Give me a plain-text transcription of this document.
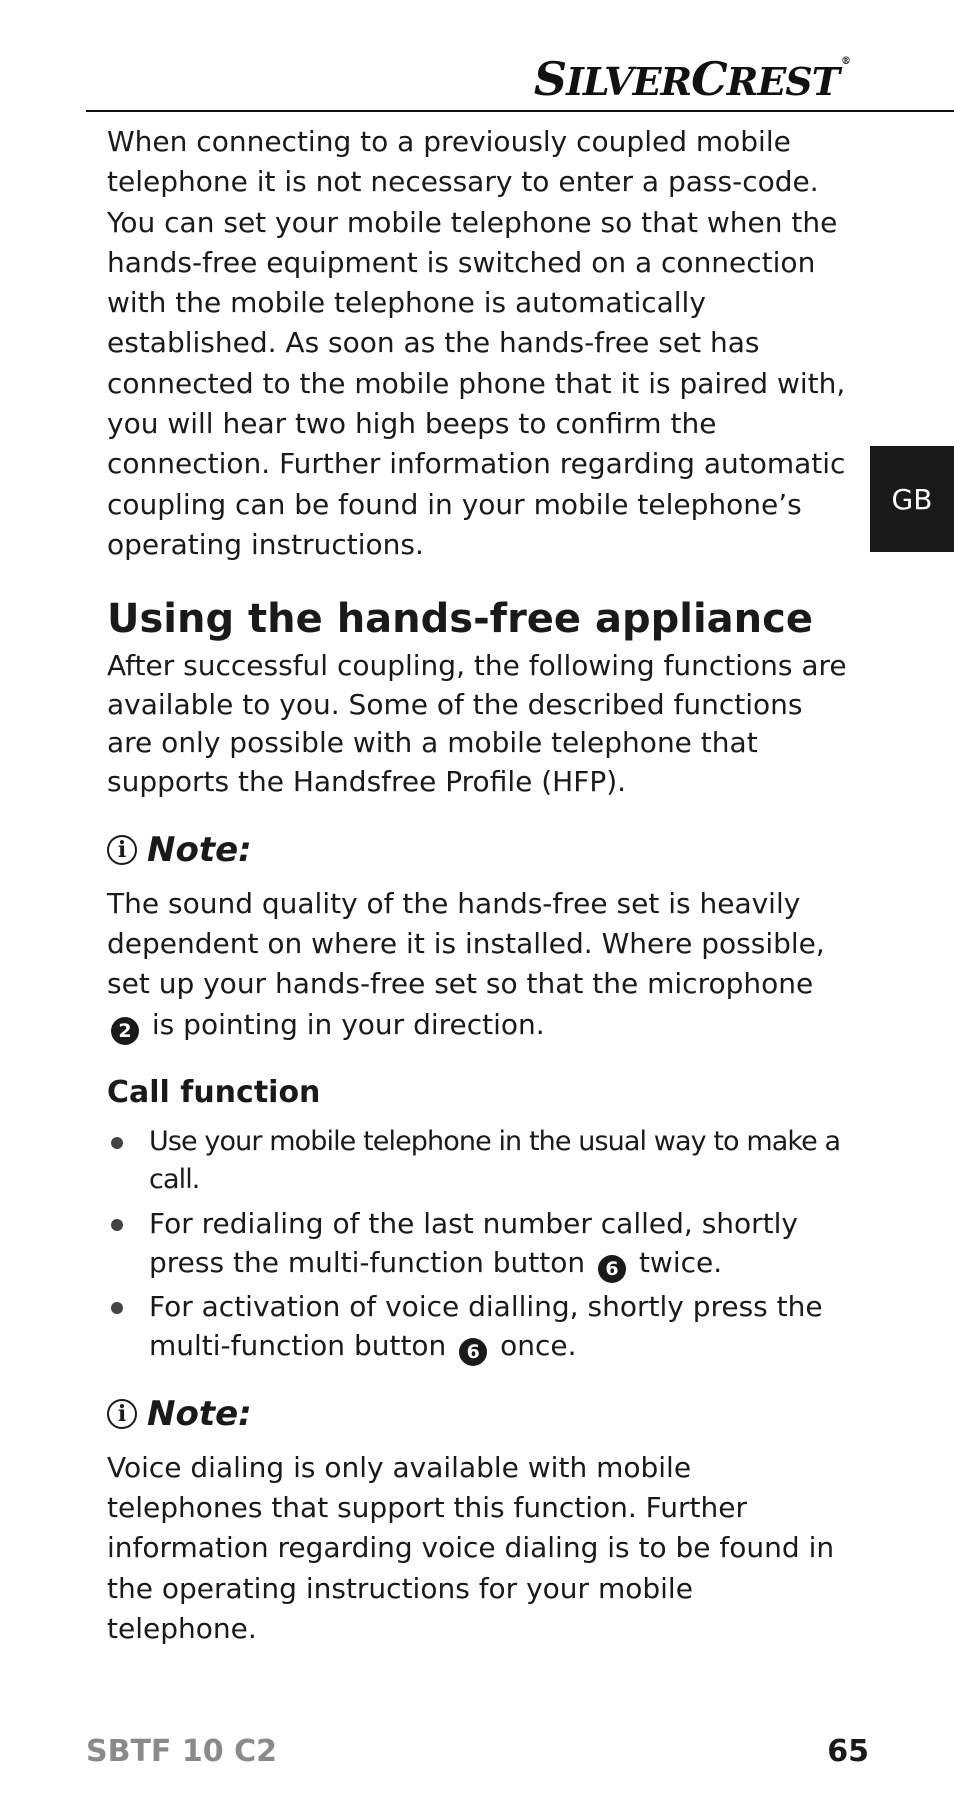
SILVERCREST ®
GB

When connecting to a previously coupled mobile telephone it is not necessary to enter a pass-code. You can set your mobile telephone so that when the hands-free equipment is switched on a connection with the mobile telephone is automatically established. As soon as the hands-free set has connected to the mobile phone that it is paired with, you will hear two high beeps to confirm the connection. Further information regarding automatic coupling can be found in your mobile telephone’s operating instructions.

Using the hands-free appliance

After successful coupling, the following functions are available to you. Some of the described functions are only possible with a mobile telephone that supports the Handsfree Profile (HFP).

i Note:

The sound quality of the hands-free set is heavily dependent on where it is installed. Where possible, set up your hands-free set so that the microphone 2 is pointing in your direction.

Call function
Use your mobile telephone in the usual way to make a call.
For redialing of the last number called, shortly press the multi-function button 6 twice.
For activation of voice dialling, shortly press the multi-function button 6 once.
i Note:

Voice dialing is only available with mobile telephones that support this function. Further information regarding voice dialing is to be found in the operating instructions for your mobile telephone.

SBTF 10 C2	65
